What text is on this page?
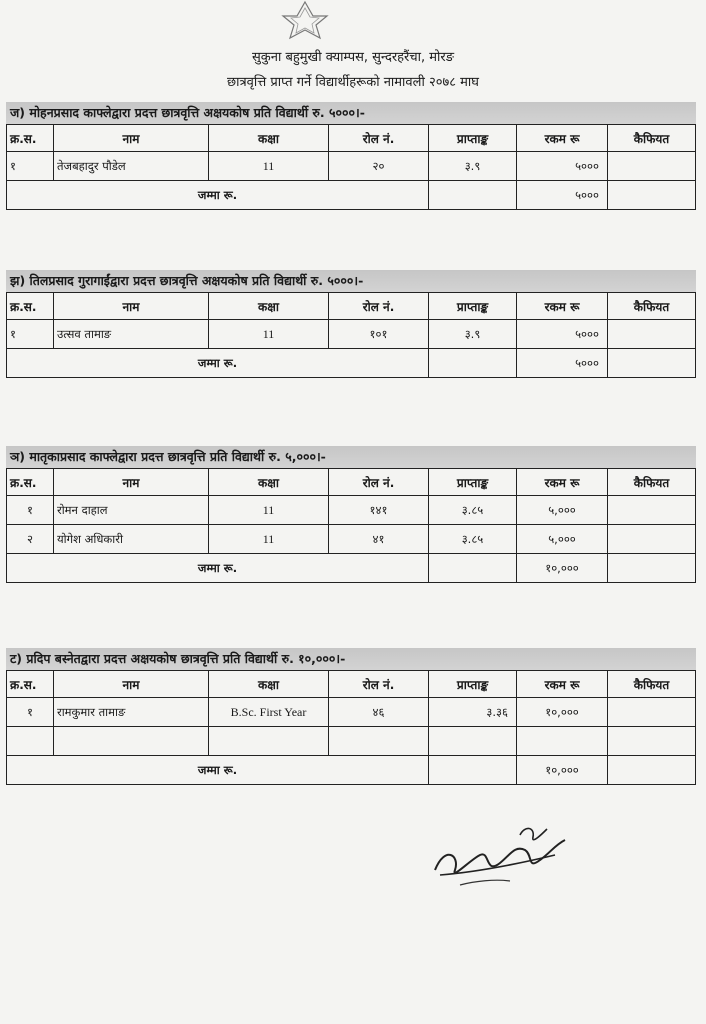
सुकुना बहुमुखी क्याम्पस, सुन्दरहरैंचा, मोरङ
छात्रवृत्ति प्राप्त गर्ने विद्यार्थीहरूको नामावली २०७८ माघ
ज) मोहनप्रसाद काफ्लेद्वारा प्रदत्त छात्रवृत्ति अक्षयकोष प्रति विद्यार्थी रु. ५०००।-
क्र.स.	नाम	कक्षा	रोल नं.	प्राप्ताङ्क	रकम रू	कैफियत
१	तेजबहादुर पौडेल	11	२०	३.९	५०००	
जम्मा रू.					५०००	
झ) तिलप्रसाद गुरागाईंद्वारा प्रदत्त छात्रवृत्ति अक्षयकोष प्रति विद्यार्थी रु. ५०००।-
क्र.स.	नाम	कक्षा	रोल नं.	प्राप्ताङ्क	रकम रू	कैफियत
१	उत्सव तामाङ	11	१०१	३.९	५०००	
जम्मा रू.					५०००	
ञ) मातृकाप्रसाद काफ्लेद्वारा प्रदत्त छात्रवृत्ति प्रति विद्यार्थी रु. ५,०००।-
क्र.स.	नाम	कक्षा	रोल नं.	प्राप्ताङ्क	रकम रू	कैफियत
१	रोमन दाहाल	11	१४१	३.८५	५,०००	
२	योगेश अधिकारी	11	४१	३.८५	५,०००	
जम्मा रू.					१०,०००	
ट) प्रदिप बस्नेतद्वारा प्रदत्त अक्षयकोष छात्रवृत्ति प्रति विद्यार्थी रु. १०,०००।-
क्र.स.	नाम	कक्षा	रोल नं.	प्राप्ताङ्क	रकम रू	कैफियत
१	रामकुमार तामाङ	B.Sc. First Year	४६	३.३६	१०,०००	

जम्मा रू.					१०,०००	
